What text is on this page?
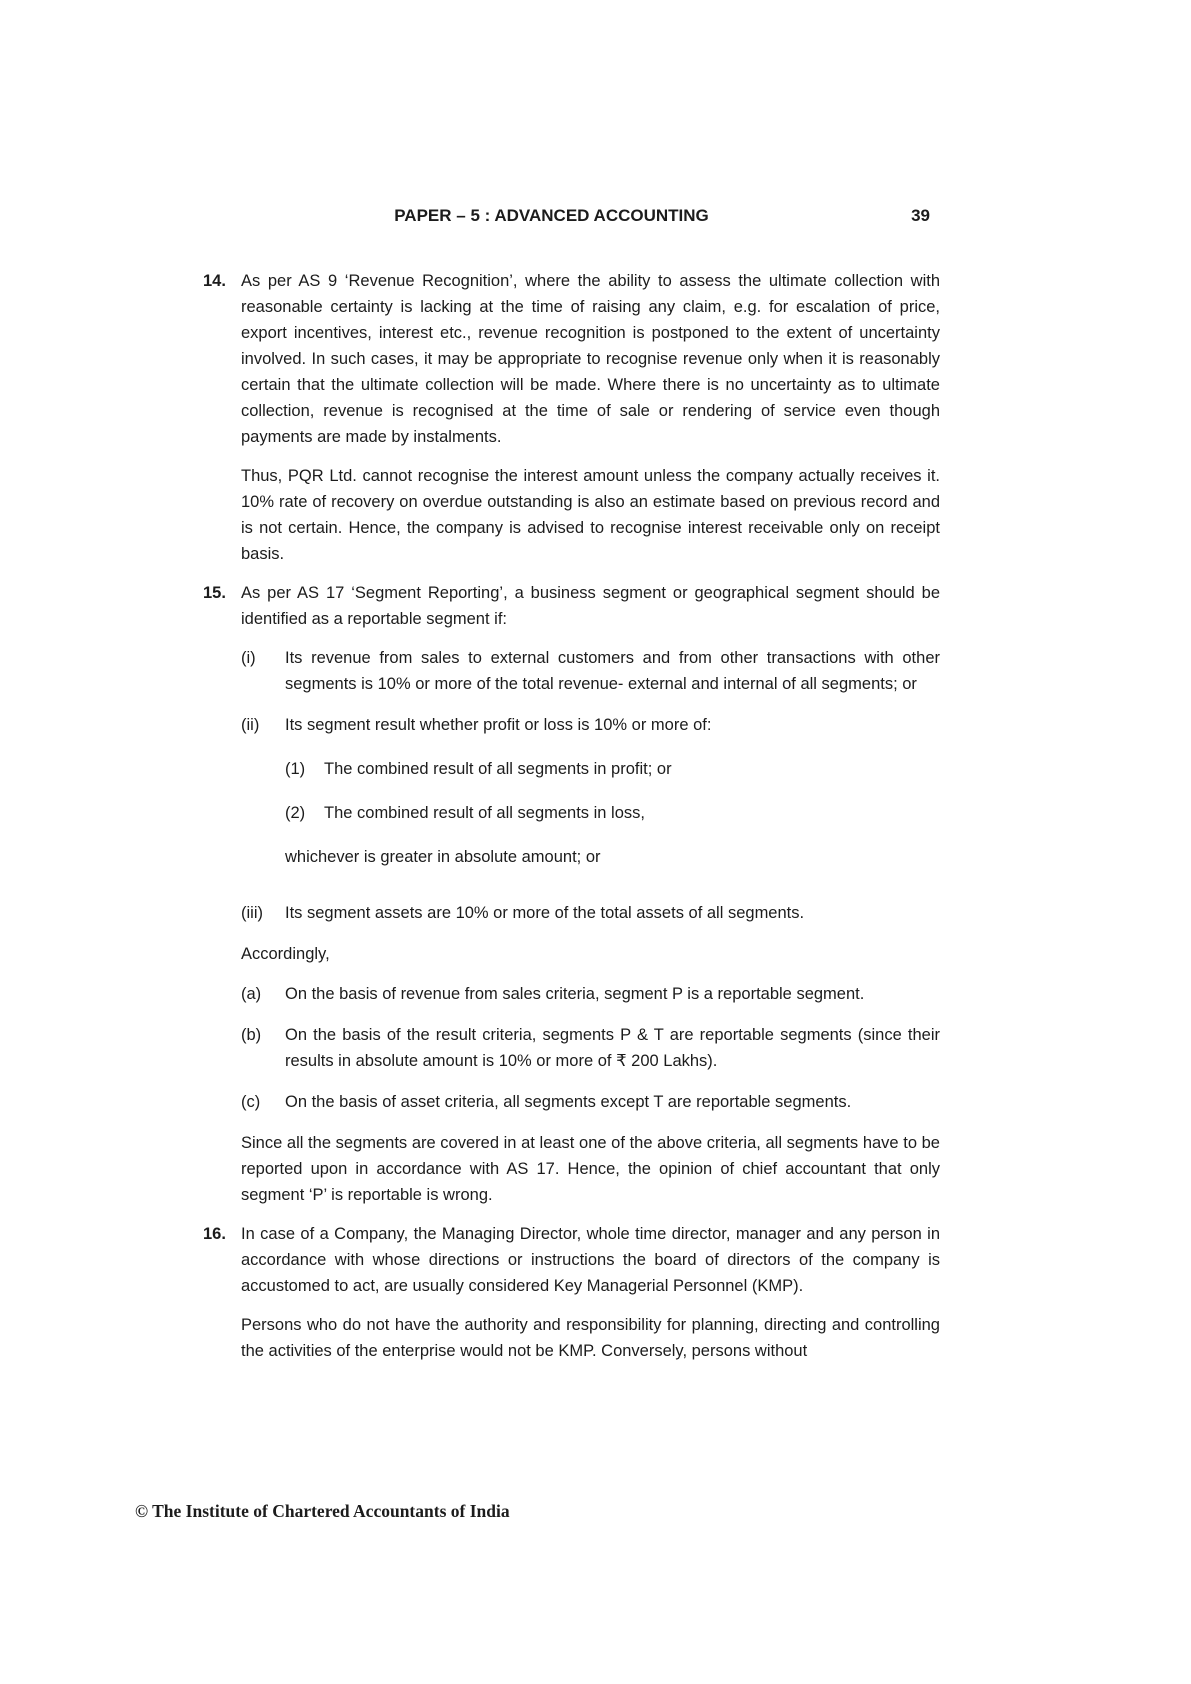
PAPER – 5 : ADVANCED ACCOUNTING	39
14. As per AS 9 ‘Revenue Recognition’, where the ability to assess the ultimate collection with reasonable certainty is lacking at the time of raising any claim, e.g. for escalation of price, export incentives, interest etc., revenue recognition is postponed to the extent of uncertainty involved. In such cases, it may be appropriate to recognise revenue only when it is reasonably certain that the ultimate collection will be made. Where there is no uncertainty as to ultimate collection, revenue is recognised at the time of sale or rendering of service even though payments are made by instalments.

Thus, PQR Ltd. cannot recognise the interest amount unless the company actually receives it. 10% rate of recovery on overdue outstanding is also an estimate based on previous record and is not certain. Hence, the company is advised to recognise interest receivable only on receipt basis.

15. As per AS 17 ‘Segment Reporting’, a business segment or geographical segment should be identified as a reportable segment if:

(i)	Its revenue from sales to external customers and from other transactions with other segments is 10% or more of the total revenue- external and internal of all segments; or
(ii)	Its segment result whether profit or loss is 10% or more of:
(1)	The combined result of all segments in profit; or
(2)	The combined result of all segments in loss,
whichever is greater in absolute amount; or
(iii)	Its segment assets are 10% or more of the total assets of all segments.

Accordingly,

(a)	On the basis of revenue from sales criteria, segment P is a reportable segment.
(b)	On the basis of the result criteria, segments P & T are reportable segments (since their results in absolute amount is 10% or more of ₹ 200 Lakhs).
(c)	On the basis of asset criteria, all segments except T are reportable segments.

Since all the segments are covered in at least one of the above criteria, all segments have to be reported upon in accordance with AS 17. Hence, the opinion of chief accountant that only segment ‘P’ is reportable is wrong.

16. In case of a Company, the Managing Director, whole time director, manager and any person in accordance with whose directions or instructions the board of directors of the company is accustomed to act, are usually considered Key Managerial Personnel (KMP).

Persons who do not have the authority and responsibility for planning, directing and controlling the activities of the enterprise would not be KMP. Conversely, persons without

© The Institute of Chartered Accountants of India
